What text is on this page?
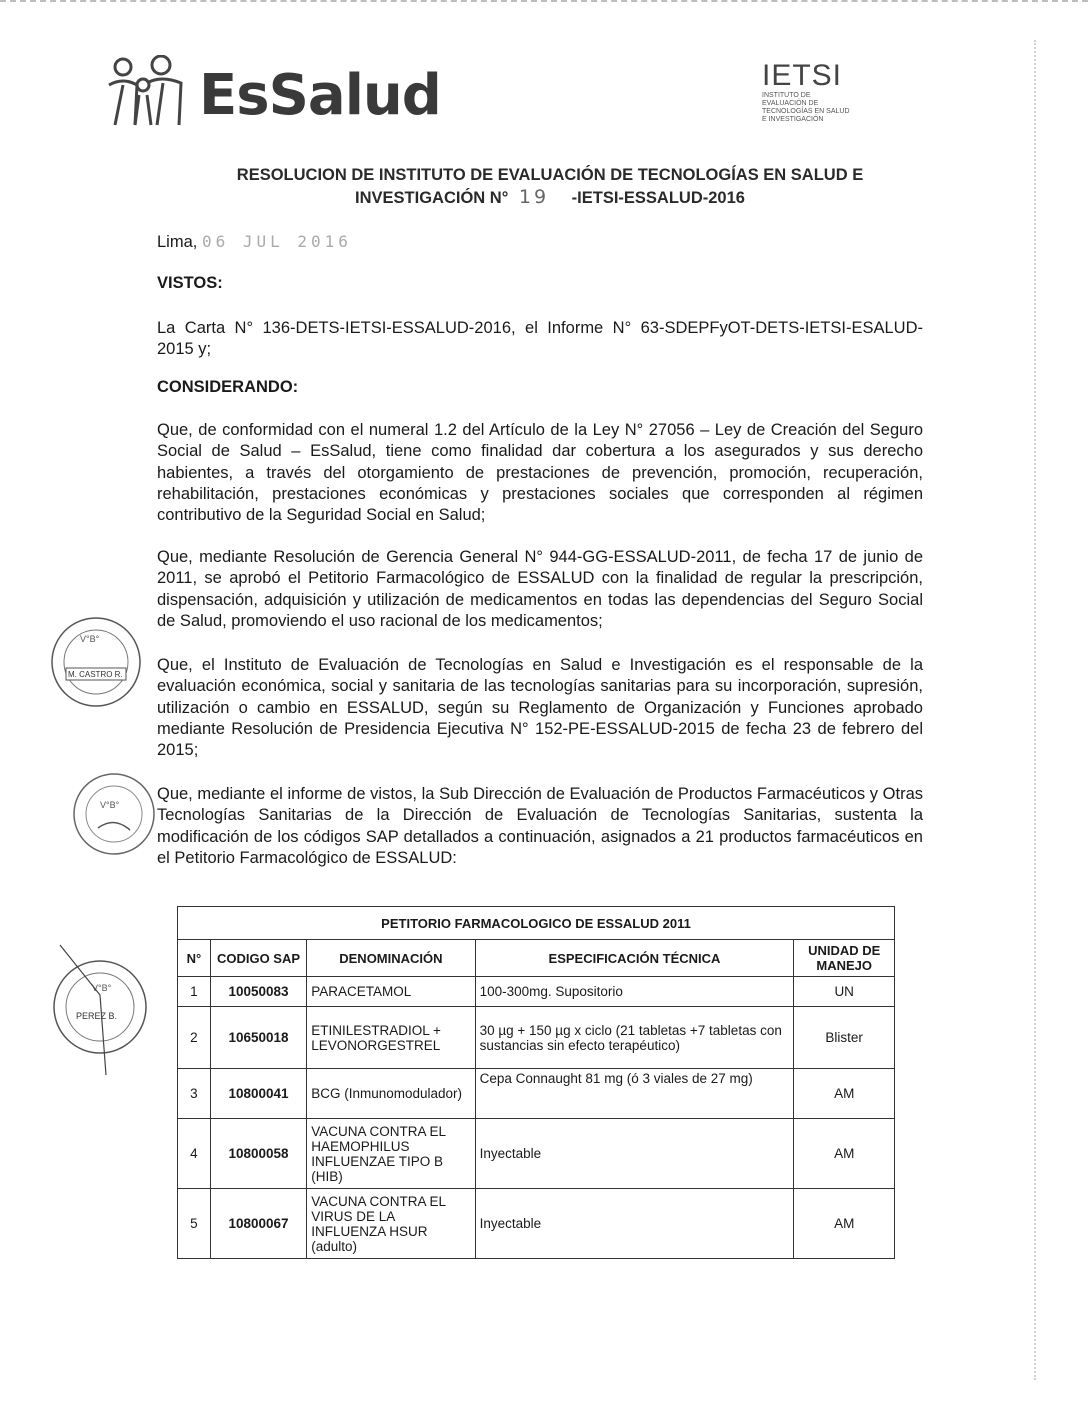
EsSalud	IETSI
INSTITUTO DE EVALUACIÓN DE TECNOLOGÍAS EN SALUD E INVESTIGACIÓN
RESOLUCION DE INSTITUTO DE EVALUACIÓN DE TECNOLOGÍAS EN SALUD E
INVESTIGACIÓN N° 19 -IETSI-ESSALUD-2016
Lima, 06 JUL 2016
VISTOS:
La Carta N° 136-DETS-IETSI-ESSALUD-2016, el Informe N° 63-SDEPFyOT-DETS-IETSI-ESALUD-2015 y;
CONSIDERANDO:
Que, de conformidad con el numeral 1.2 del Artículo de la Ley N° 27056 – Ley de Creación del Seguro Social de Salud – EsSalud, tiene como finalidad dar cobertura a los asegurados y sus derecho habientes, a través del otorgamiento de prestaciones de prevención, promoción, recuperación, rehabilitación, prestaciones económicas y prestaciones sociales que corresponden al régimen contributivo de la Seguridad Social en Salud;
Que, mediante Resolución de Gerencia General N° 944-GG-ESSALUD-2011, de fecha 17 de junio de 2011, se aprobó el Petitorio Farmacológico de ESSALUD con la finalidad de regular la prescripción, dispensación, adquisición y utilización de medicamentos en todas las dependencias del Seguro Social de Salud, promoviendo el uso racional de los medicamentos;
Que, el Instituto de Evaluación de Tecnologías en Salud e Investigación es el responsable de la evaluación económica, social y sanitaria de las tecnologías sanitarias para su incorporación, supresión, utilización o cambio en ESSALUD, según su Reglamento de Organización y Funciones aprobado mediante Resolución de Presidencia Ejecutiva N° 152-PE-ESSALUD-2015 de fecha 23 de febrero del 2015;
Que, mediante el informe de vistos, la Sub Dirección de Evaluación de Productos Farmacéuticos y Otras Tecnologías Sanitarias de la Dirección de Evaluación de Tecnologías Sanitarias, sustenta la modificación de los códigos SAP detallados a continuación, asignados a 21 productos farmacéuticos en el Petitorio Farmacológico de ESSALUD:
V°B°
M. CASTRO R.
V°B°
V°B°
PEREZ B.
PETITORIO FARMACOLOGICO DE ESSALUD 2011				
N°	CODIGO SAP	DENOMINACIÓN	ESPECIFICACIÓN TÉCNICA	UNIDAD DE MANEJO
1	10050083	PARACETAMOL	100-300mg. Supositorio	UN
2	10650018	ETINILESTRADIOL + LEVONORGESTREL	30 µg + 150 µg x ciclo (21 tabletas +7 tabletas con sustancias sin efecto terapéutico)	Blister
3	10800041	BCG (Inmunomodulador)	Cepa Connaught 81 mg (ó 3 viales de 27 mg)	AM
4	10800058	VACUNA CONTRA EL HAEMOPHILUS INFLUENZAE TIPO B (HIB)	Inyectable	AM
5	10800067	VACUNA CONTRA EL VIRUS DE LA INFLUENZA HSUR (adulto)	Inyectable	AM
